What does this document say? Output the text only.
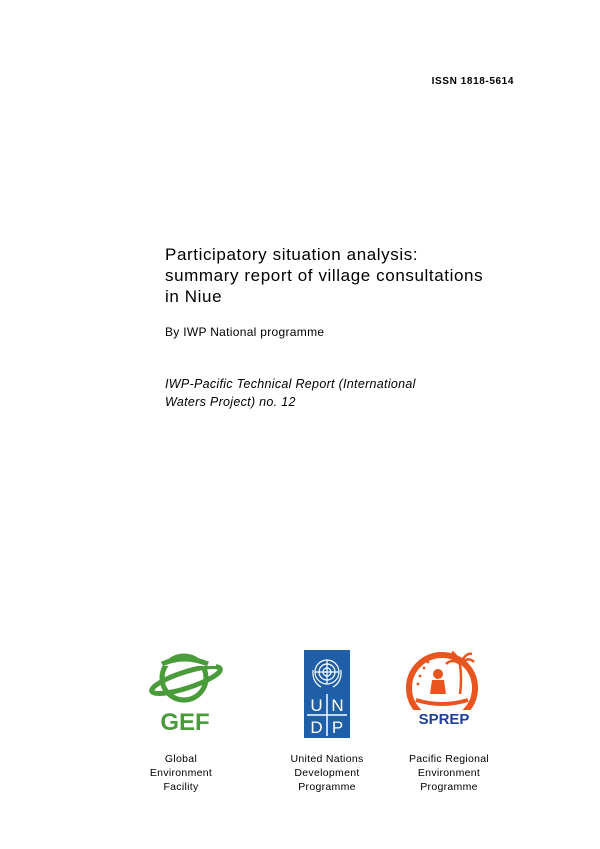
ISSN 1818-5614
Participatory situation analysis:
summary report of village consultations
in Niue
By IWP National programme
IWP-Pacific Technical Report (International
Waters Project) no. 12
GEF
U N
D P	SPREP
Global
Environment
Facility
United Nations
Development
Programme
Pacific Regional
Environment
Programme
